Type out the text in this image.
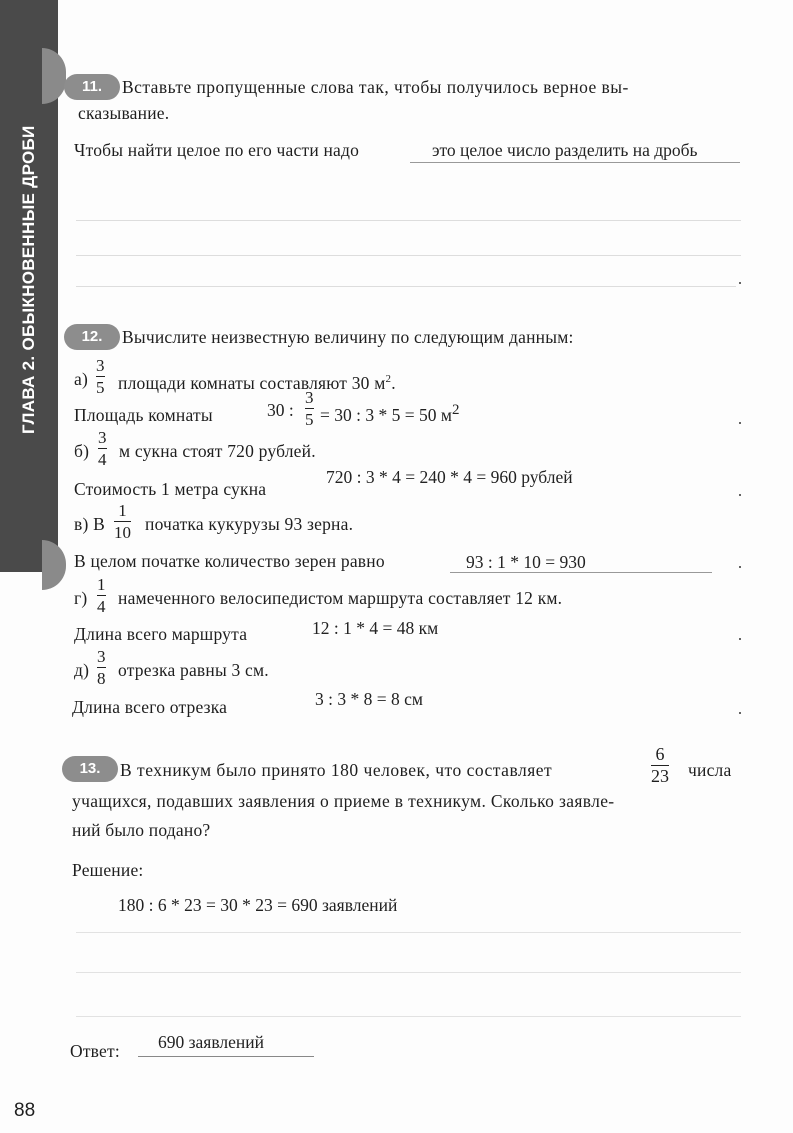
ГЛАВА 2. ОБЫКНОВЕННЫЕ ДРОБИ
11.	Вставьте пропущенные слова так, чтобы получилось верное вы-
сказывание.
Чтобы найти целое по его части надо	это целое число разделить на дробь
12.	Вычислите неизвестную величину по следующим данным:
а)
3
5 площади комнаты составляют 30 $м^2$.
Площадь комнаты	30 :
3
5 = 30 : 3 * 5 = 50 $м^2$
б)
3
4 м сукна стоят 720 рублей.
Стоимость 1 метра сукна
720 : 3 * 4 = 240 * 4 = 960 рублей
в) В
1
10 початка кукурузы 93 зерна.
В целом початке количество зерен равно	93 : 1 * 10 = 930
г)
1
4 намеченного велосипедистом маршрута составляет 12 км.
Длина всего маршрута	12 : 1 * 4 = 48 км
д)
3
8 отрезка равны 3 см.
Длина всего отрезка	3 : 3 * 8 = 8 см
13.	В техникум было принято 180 человек, что составляет
6
23 числа
учащихся, подавших заявления о приеме в техникум. Сколько заявле-
ний было подано?
Решение:
180 : 6 * 23 = 30 * 23 = 690 заявлений
Ответ: 690 заявлений
88
